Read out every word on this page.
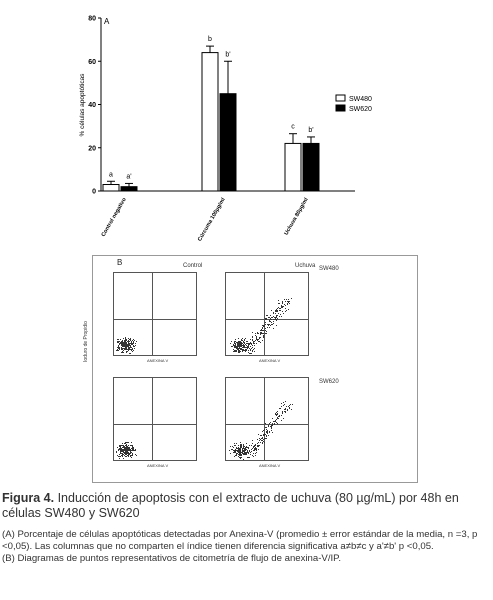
0
20
40
60
80 A
% células apoptóticas
a a'
Control negativo
b
b'
Cúrcuma 100µg/ml
c b'
Uchuva 80µg/ml
SW480
SW620
B
Ioduro de Propidio
Control	Uchuva SW480
SW620
ANEXINA V	ANEXINA V
ANEXINA V	ANEXINA V
Figura 4. Inducción de apoptosis con el extracto de uchuva (80 µg/mL) por 48h en células SW480 y SW620
(A) Porcentaje de células apoptóticas detectadas por Anexina-V (promedio ± error estándar de la media, n =3, p <0,05). Las columnas que no comparten el índice tienen diferencia significativa a≠b≠c y a'≠b' p <0,05.
(B) Diagramas de puntos representativos de citometría de flujo de anexina-V/IP.
